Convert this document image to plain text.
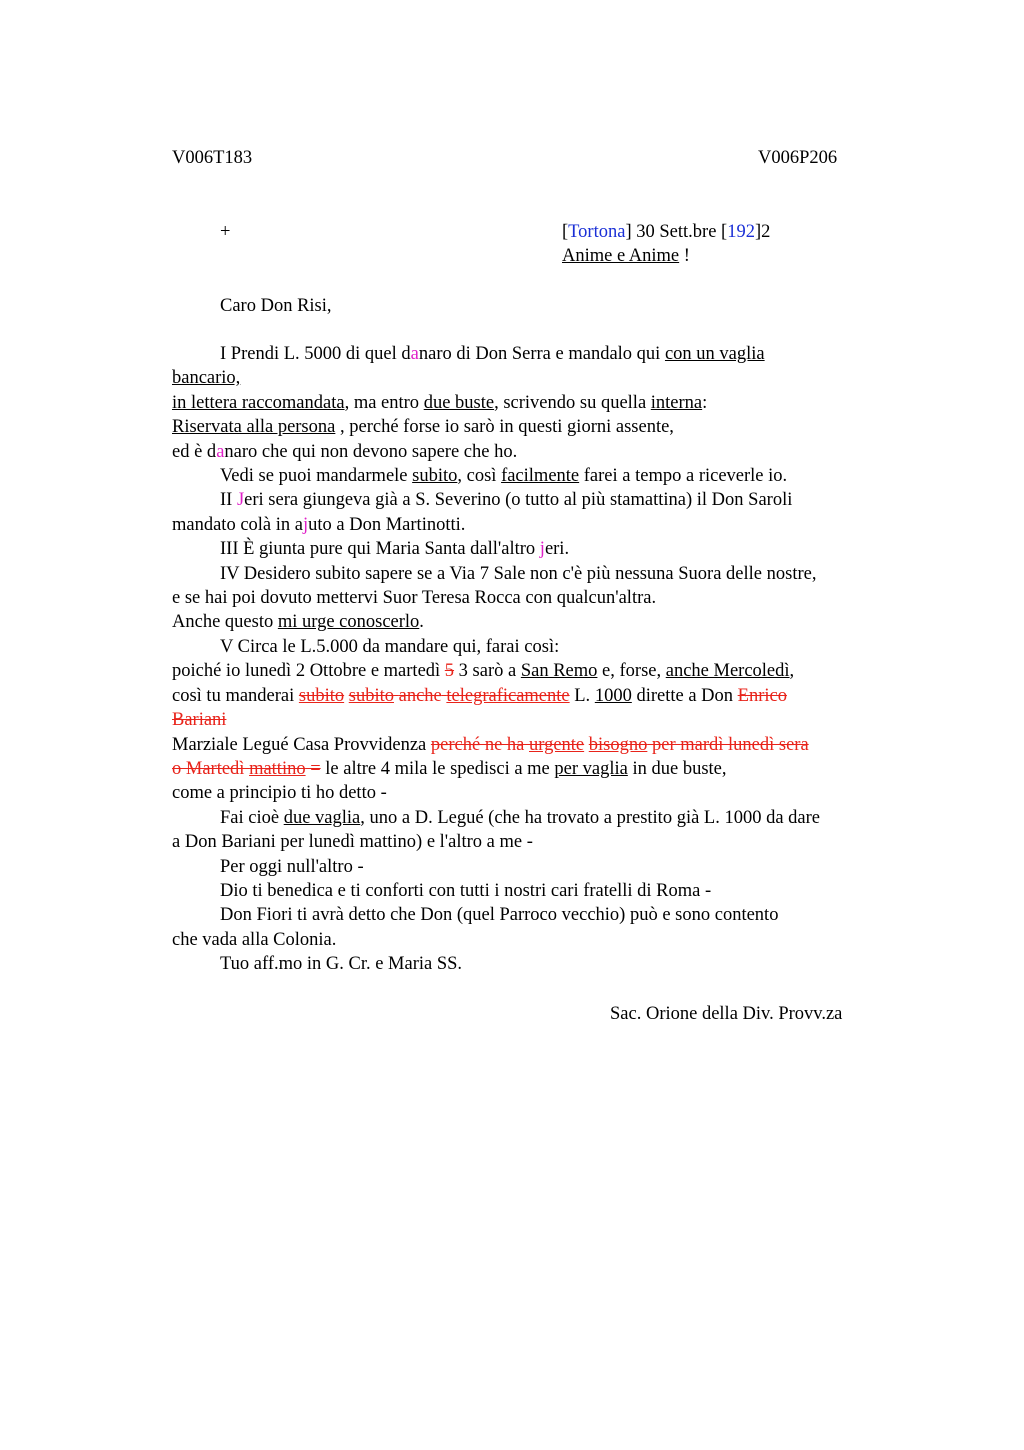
V006T183	V006P206
+	[Tortona] 30 Sett.bre [192]2
Anime e Anime !
Caro Don Risi,

I Prendi L. 5000 di quel danaro di Don Serra e mandalo qui con un vaglia

bancario,

in lettera raccomandata, ma entro due buste, scrivendo su quella interna:

Riservata alla persona , perché forse io sarò in questi giorni assente,

ed è danaro che qui non devono sapere che ho.

Vedi se puoi mandarmele subito, così facilmente farei a tempo a riceverle io.

II Jeri sera giungeva già a S. Severino (o tutto al più stamattina) il Don Saroli

mandato colà in ajuto a Don Martinotti.

III È giunta pure qui Maria Santa dall'altro jeri.

IV Desidero subito sapere se a Via 7 Sale non c'è più nessuna Suora delle nostre,

e se hai poi dovuto mettervi Suor Teresa Rocca con qualcun'altra.

Anche questo mi urge conoscerlo.

V Circa le L.5.000 da mandare qui, farai così:

poiché io lunedì 2 Ottobre e martedì 5 3 sarò a San Remo e, forse, anche Mercoledì,

così tu manderai subito subito anche telegraficamente L. 1000 dirette a Don Enrico

Bariani

Marziale Legué Casa Provvidenza perché ne ha urgente bisogno per mardì lunedì sera

o Martedì mattino = le altre 4 mila le spedisci a me per vaglia in due buste,

come a principio ti ho detto -

Fai cioè due vaglia, uno a D. Legué (che ha trovato a prestito già L. 1000 da dare

a Don Bariani per lunedì mattino) e l'altro a me -

Per oggi null'altro -

Dio ti benedica e ti conforti con tutti i nostri cari fratelli di Roma -

Don Fiori ti avrà detto che Don (quel Parroco vecchio) può e sono contento

che vada alla Colonia.

Tuo aff.mo in G. Cr. e Maria SS.

Sac. Orione della Div. Provv.za
